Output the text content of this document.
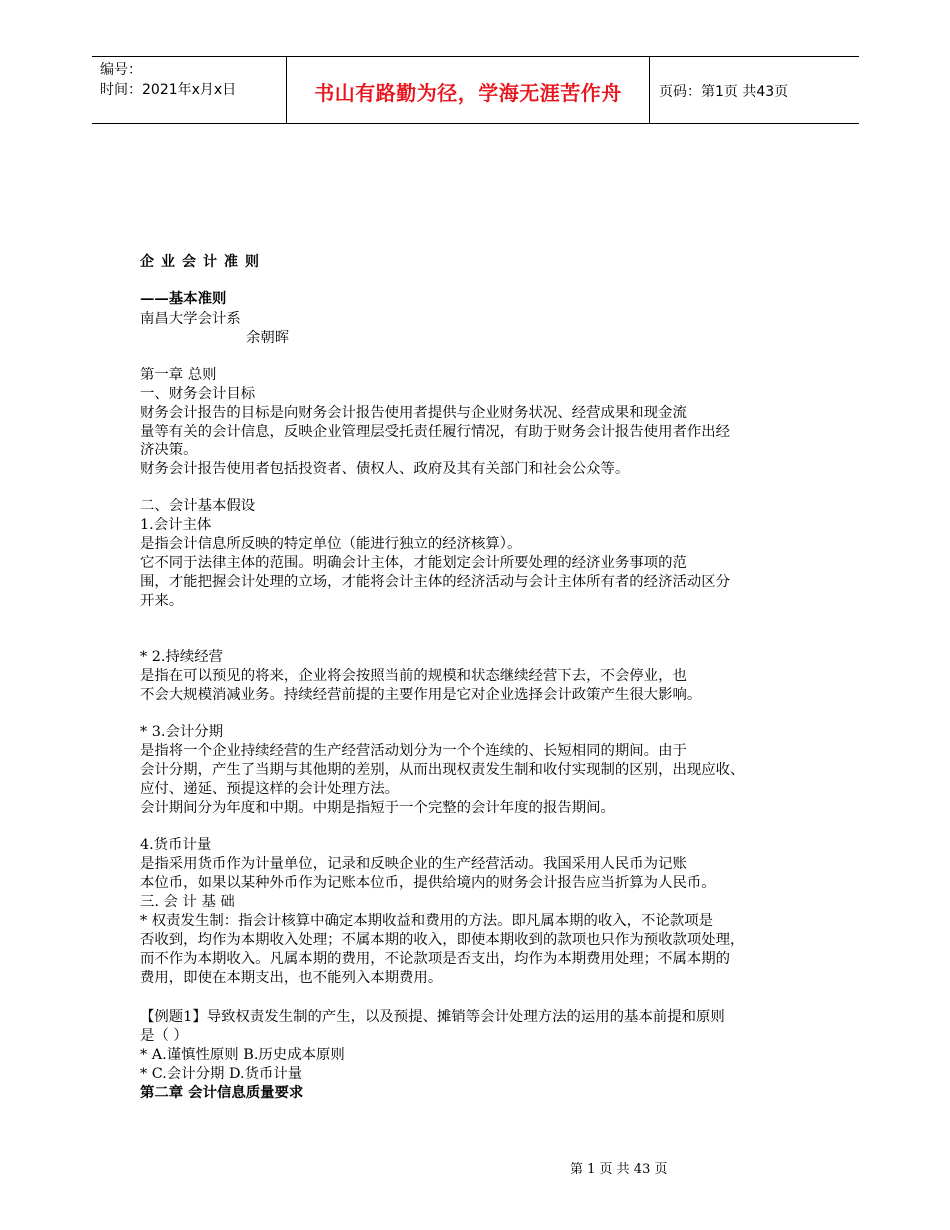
编号：
时间：2021年x月x日	书山有路勤为径，学海无涯苦作舟	页码：第1页 共43页
企业会计准则
——基本准则
南昌大学会计系
余朝晖
第一章 总则
一、财务会计目标
财务会计报告的目标是向财务会计报告使用者提供与企业财务状况、经营成果和现金流
量等有关的会计信息，反映企业管理层受托责任履行情况，有助于财务会计报告使用者作出经
济决策。
财务会计报告使用者包括投资者、债权人、政府及其有关部门和社会公众等。
二、会计基本假设
1.会计主体
是指会计信息所反映的特定单位（能进行独立的经济核算）。
它不同于法律主体的范围。明确会计主体，才能划定会计所要处理的经济业务事项的范
围，才能把握会计处理的立场，才能将会计主体的经济活动与会计主体所有者的经济活动区分
开来。
* 2.持续经营
是指在可以预见的将来，企业将会按照当前的规模和状态继续经营下去，不会停业，也
不会大规模消减业务。持续经营前提的主要作用是它对企业选择会计政策产生很大影响。
* 3.会计分期
是指将一个企业持续经营的生产经营活动划分为一个个连续的、长短相同的期间。由于
会计分期，产生了当期与其他期的差别，从而出现权责发生制和收付实现制的区别，出现应收、
应付、递延、预提这样的会计处理方法。
会计期间分为年度和中期。中期是指短于一个完整的会计年度的报告期间。
4.货币计量
是指采用货币作为计量单位，记录和反映企业的生产经营活动。我国采用人民币为记账
本位币，如果以某种外币作为记账本位币，提供给境内的财务会计报告应当折算为人民币。
三. 会 计 基 础
* 权责发生制：指会计核算中确定本期收益和费用的方法。即凡属本期的收入，不论款项是
否收到，均作为本期收入处理；不属本期的收入，即使本期收到的款项也只作为预收款项处理，
而不作为本期收入。凡属本期的费用，不论款项是否支出，均作为本期费用处理；不属本期的
费用，即使在本期支出，也不能列入本期费用。
【例题1】导致权责发生制的产生，以及预提、摊销等会计处理方法的运用的基本前提和原则
是（ ）
* A.谨慎性原则 B.历史成本原则
* C.会计分期 D.货币计量
第二章 会计信息质量要求
第 1 页 共 43 页
